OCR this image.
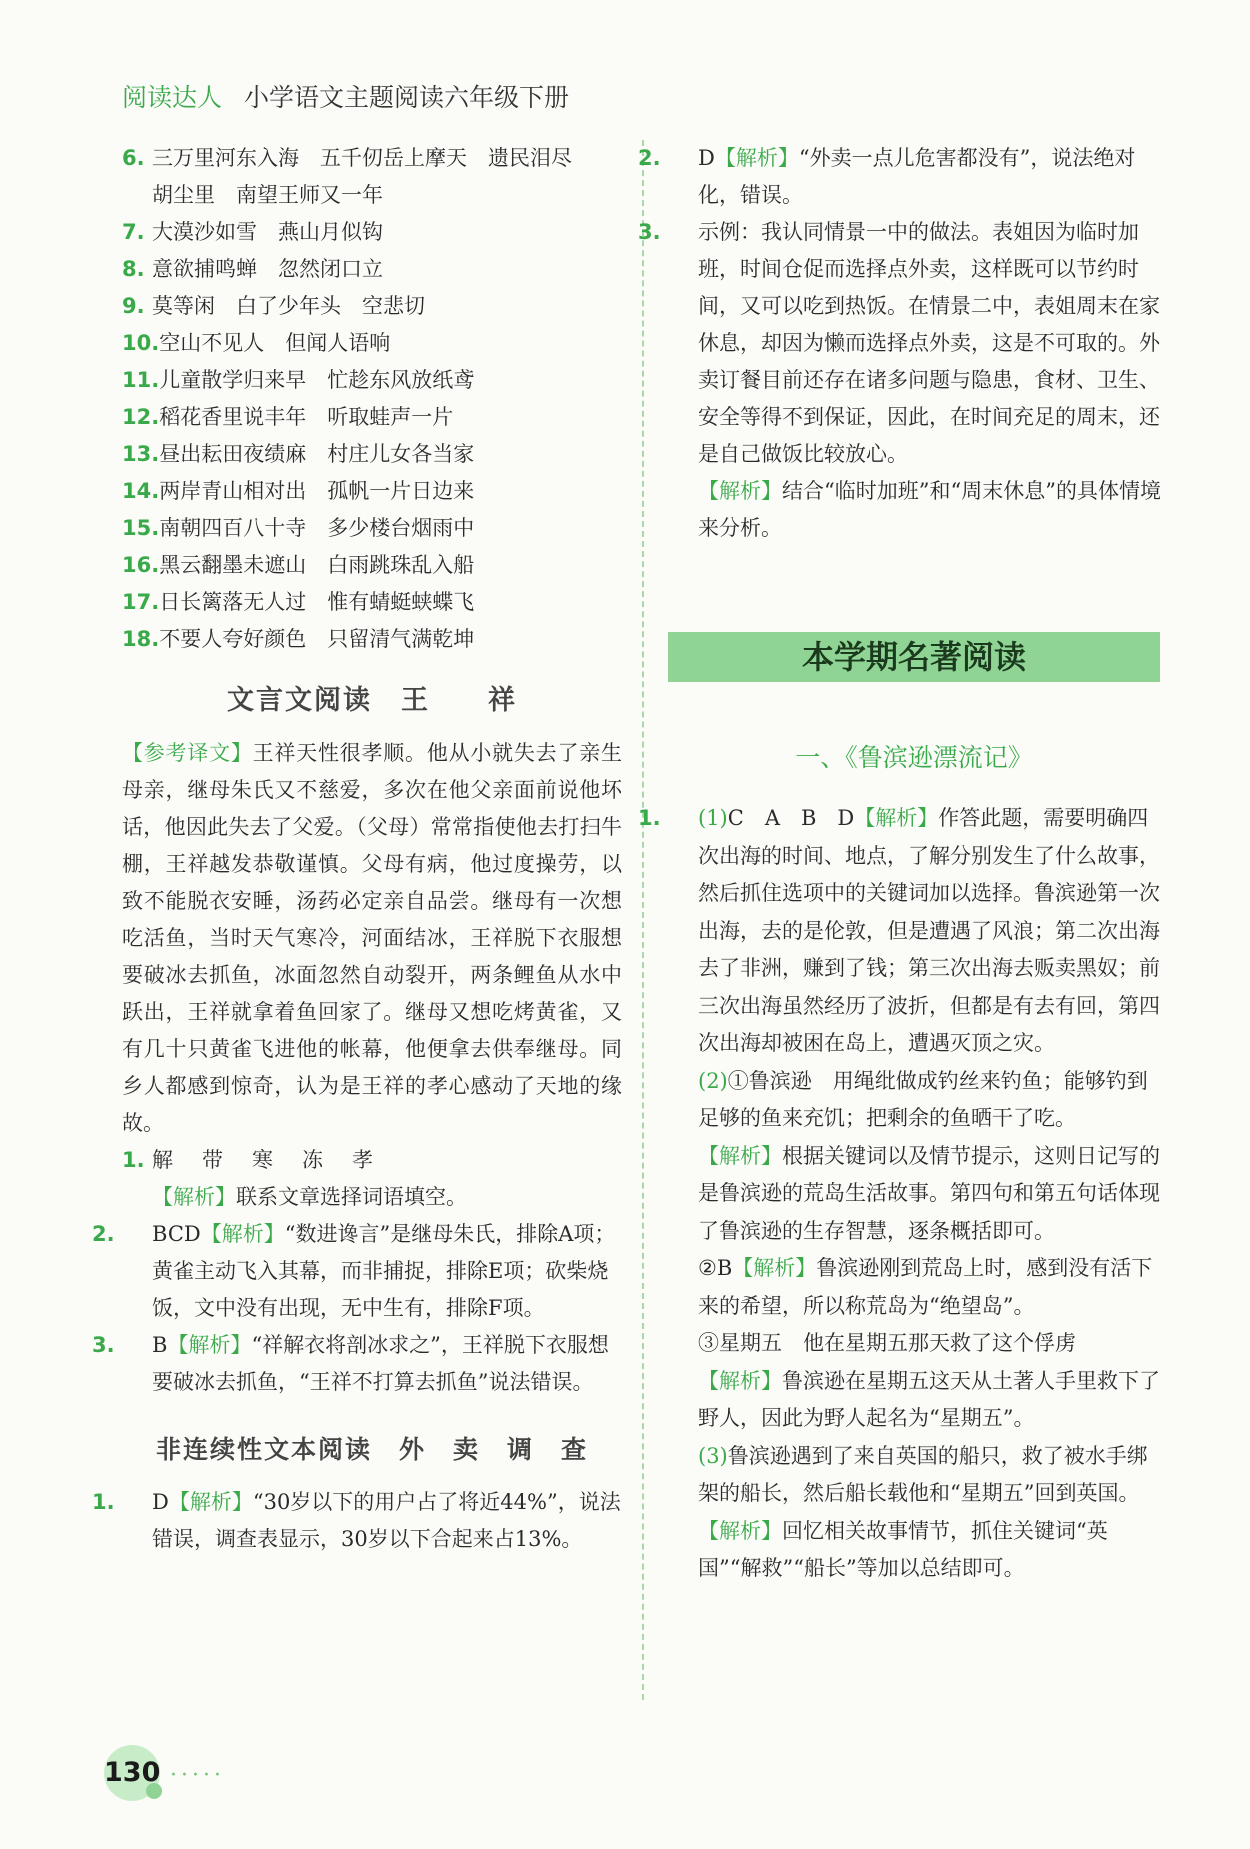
阅读达人 小学语文主题阅读六年级下册

6. 三万里河东入海　五千仞岳上摩天　遗民泪尽

胡尘里　南望王师又一年

7. 大漠沙如雪　燕山月似钩

8. 意欲捕鸣蝉　忽然闭口立

9. 莫等闲　白了少年头　空悲切

10.空山不见人　但闻人语响

11.儿童散学归来早　忙趁东风放纸鸢

12.稻花香里说丰年　听取蛙声一片

13.昼出耘田夜绩麻　村庄儿女各当家

14.两岸青山相对出　孤帆一片日边来

15.南朝四百八十寺　多少楼台烟雨中

16.黑云翻墨未遮山　白雨跳珠乱入船

17.日长篱落无人过　惟有蜻蜓蛱蝶飞

18.不要人夸好颜色　只留清气满乾坤

文言文阅读　王　　祥

【参考译文】王祥天性很孝顺。他从小就失去了亲生母亲，继母朱氏又不慈爱，多次在他父亲面前说他坏话，他因此失去了父爱。（父母）常常指使他去打扫牛棚，王祥越发恭敬谨慎。父母有病，他过度操劳，以致不能脱衣安睡，汤药必定亲自品尝。继母有一次想吃活鱼，当时天气寒冷，河面结冰，王祥脱下衣服想要破冰去抓鱼，冰面忽然自动裂开，两条鲤鱼从水中跃出，王祥就拿着鱼回家了。继母又想吃烤黄雀，又有几十只黄雀飞进他的帐幕，他便拿去供奉继母。同乡人都感到惊奇，认为是王祥的孝心感动了天地的缘故。

1. 解　带　寒　冻　孝

【解析】联系文章选择词语填空。

2. BCD【解析】“数进谗言”是继母朱氏，排除A项；黄雀主动飞入其幕，而非捕捉，排除E项；砍柴烧饭，文中没有出现，无中生有，排除F项。

3. B【解析】“祥解衣将剖冰求之”，王祥脱下衣服想要破冰去抓鱼，“王祥不打算去抓鱼”说法错误。

非连续性文本阅读　外　卖　调　查

1. D【解析】“30岁以下的用户占了将近44%”，说法错误，调查表显示，30岁以下合起来占13%。

2. D【解析】“外卖一点儿危害都没有”，说法绝对化，错误。

3. 示例：我认同情景一中的做法。表姐因为临时加班，时间仓促而选择点外卖，这样既可以节约时间，又可以吃到热饭。在情景二中，表姐周末在家休息，却因为懒而选择点外卖，这是不可取的。外卖订餐目前还存在诸多问题与隐患，食材、卫生、安全等得不到保证，因此，在时间充足的周末，还是自己做饭比较放心。

【解析】结合“临时加班”和“周末休息”的具体情境来分析。

本学期名著阅读
一、《鲁滨逊漂流记》

1. (1)C　A　B　D【解析】作答此题，需要明确四次出海的时间、地点，了解分别发生了什么故事，然后抓住选项中的关键词加以选择。鲁滨逊第一次出海，去的是伦敦，但是遭遇了风浪；第二次出海去了非洲，赚到了钱；第三次出海去贩卖黑奴；前三次出海虽然经历了波折，但都是有去有回，第四次出海却被困在岛上，遭遇灭顶之灾。

(2)①鲁滨逊　用绳纰做成钓丝来钓鱼；能够钓到足够的鱼来充饥；把剩余的鱼晒干了吃。

【解析】根据关键词以及情节提示，这则日记写的是鲁滨逊的荒岛生活故事。第四句和第五句话体现了鲁滨逊的生存智慧，逐条概括即可。

②B【解析】鲁滨逊刚到荒岛上时，感到没有活下来的希望，所以称荒岛为“绝望岛”。

③星期五　他在星期五那天救了这个俘虏

【解析】鲁滨逊在星期五这天从土著人手里救下了野人，因此为野人起名为“星期五”。

(3)鲁滨逊遇到了来自英国的船只，救了被水手绑架的船长，然后船长载他和“星期五”回到英国。

【解析】回忆相关故事情节，抓住关键词“英国”“解救”“船长”等加以总结即可。

130 ·····
